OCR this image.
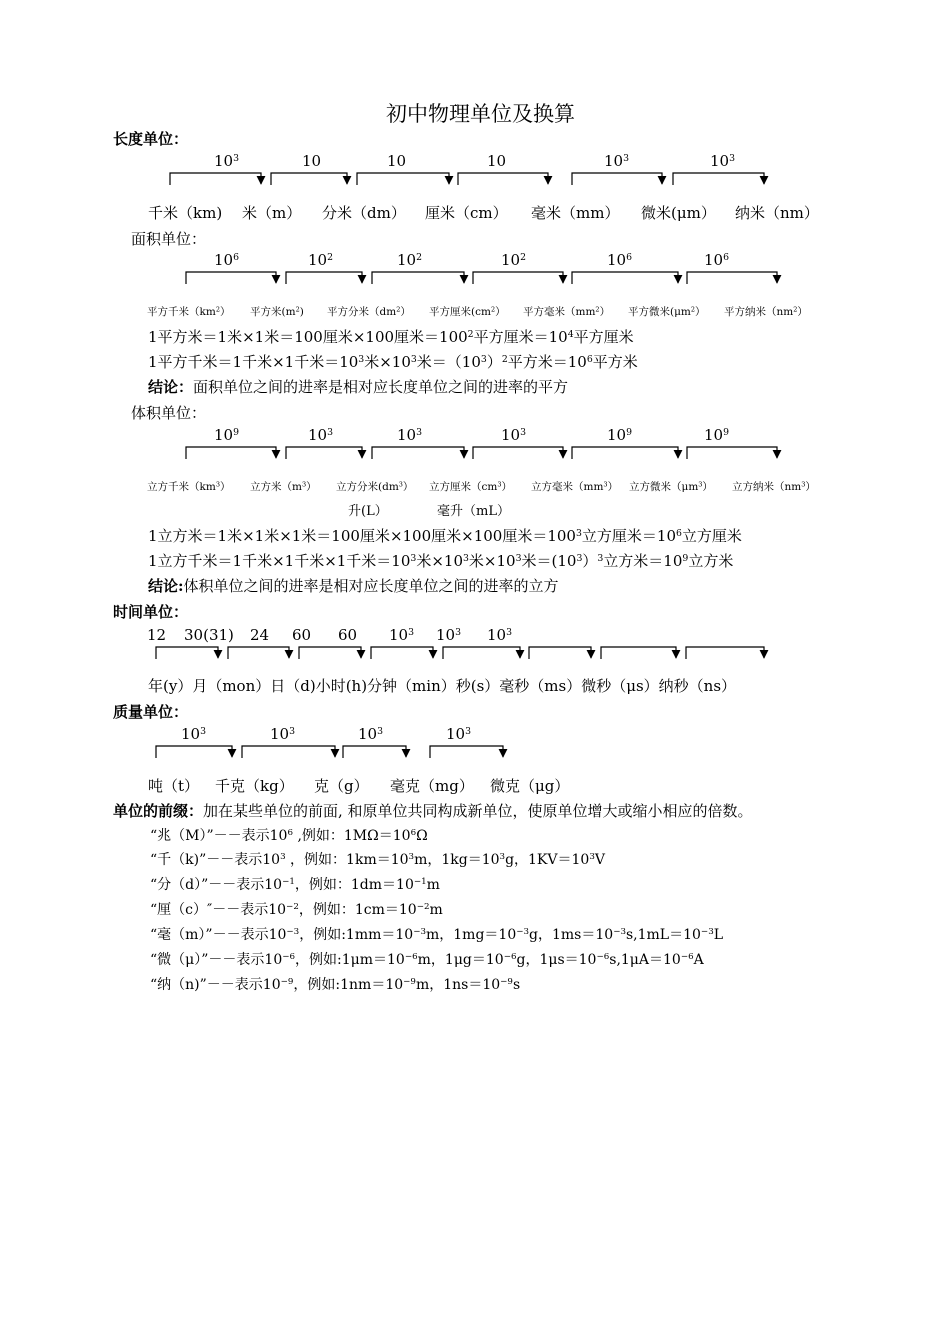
初中物理单位及换算
长度单位：
$10^3$	10	10	10	$10^3$	$10^3$
千米（km) 米（m） 分米（dm） 厘米（cm） 毫米（mm） 微米(μm） 纳米（nm）
面积单位：
$10^6$	$10^2$	$10^2$	$10^2$	$10^6$	$10^6$
平方千米$(km^2)$ 平方米$(m^2)$ 平方分米$(dm^2)$ 平方厘米$(cm^2)$ 平方毫米$(mm^2)$ 平方微米$(\mu m^2)$ 平方纳米$(nm^2)$
1平方米＝1米×1米＝100厘米×100厘米$=100^2$平方厘米$=10^4$平方厘米
1平方千米＝1千米×1千米$=10^3$米$\times 10^3$米$=(10^3)^2$平方米$=10^6$平方米
结论：面积单位之间的进率是相对应长度单位之间的进率的平方
体积单位：
$10^9$	$10^3$	$10^3$	$10^3$	$10^9$	$10^9$
立方千米$(km^3)$ 立方米$(m^3)$ 立方分米$(dm^3)$ 立方厘米$(cm^3)$ 立方毫米$(mm^3)$ 立方微米$(\mu m^3)$ 立方纳米$(nm^3)$
升(L）	毫升（mL）
1立方米＝1米×1米×1米＝100厘米×100厘米×100厘米$=100^3$立方厘米$=10^6$立方厘米
1立方千米＝1千米×1千米×1千米$=10^3$米$\times 10^3$米$\times 10^3$米$=(10^3)^3$立方米$=10^9$立方米
结论:体积单位之间的进率是相对应长度单位之间的进率的立方
时间单位：
12 30(31) 24 60 60 $10^3$ $10^3$ $10^3$
年(y）月（mon）日（d)小时(h)分钟（min）秒(s）毫秒（ms）微秒（μs）纳秒（ns）
质量单位：
$10^3$	$10^3$	$10^3$	$10^3$
吨（t） 千克（kg） 克（g） 毫克（mg） 微克（μg）
单位的前缀：加在某些单位的前面, 和原单位共同构成新单位，使原单位增大或缩小相应的倍数。
“兆（M）”－－表示$10^6$ ,例如：$1M\Omega=10^6\Omega$
“千（k)”－－表示$10^3$ ，例如：$1km=10^3m$，$1kg=10^3g$，$1KV=10^3V$
“分（d）”－－表示$10^{-1}$，例如：$1dm=10^{-1}m$
“厘（c）″－－表示$10^{-2}$，例如：$1cm=10^{-2}m$
“毫（m）”－－表示$10^{-3}$，例如$:1mm=10^{-3}m$，$1mg=10^{-3}g$，$1ms=10^{-3}s,1mL=10^{-3}L$
“微（μ）”－－表示$10^{-6}$，例如$:1\mu m=10^{-6}m$，$1\mu g=10^{-6}g$，$1\mu s=10^{-6}s,1\mu A=10^{-6}A$
“纳（n)”－－表示$10^{-9}$，例如$:1nm=10^{-9}m$，$1ns=10^{-9}s$
